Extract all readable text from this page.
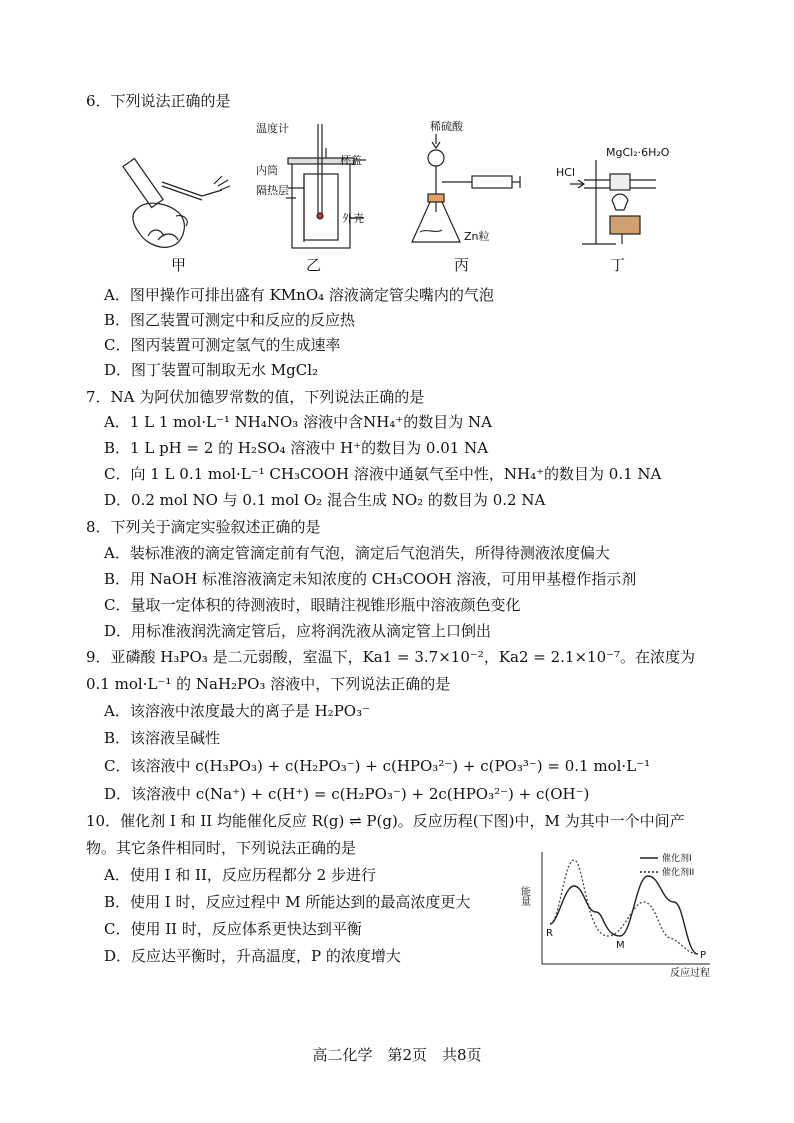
6．下列说法正确的是
甲
温度计
内筒
杯盖
隔热层
外壳
乙
稀硫酸
Zn粒
丙
HCl
MgCl₂·6H₂O
丁
A．图甲操作可排出盛有 KMnO₄ 溶液滴定管尖嘴内的气泡
B．图乙装置可测定中和反应的反应热
C．图丙装置可测定氢气的生成速率
D．图丁装置可制取无水 MgCl₂
7．NA 为阿伏加德罗常数的值，下列说法正确的是
A．1 L 1 mol·L⁻¹ NH₄NO₃ 溶液中含NH₄⁺的数目为 NA
B．1 L pH = 2 的 H₂SO₄ 溶液中 H⁺的数目为 0.01 NA
C．向 1 L 0.1 mol·L⁻¹ CH₃COOH 溶液中通氨气至中性，NH₄⁺的数目为 0.1 NA
D．0.2 mol NO 与 0.1 mol O₂ 混合生成 NO₂ 的数目为 0.2 NA
8．下列关于滴定实验叙述正确的是
A．装标准液的滴定管滴定前有气泡，滴定后气泡消失，所得待测液浓度偏大
B．用 NaOH 标准溶液滴定未知浓度的 CH₃COOH 溶液，可用甲基橙作指示剂
C．量取一定体积的待测液时，眼睛注视锥形瓶中溶液颜色变化
D．用标准液润洗滴定管后，应将润洗液从滴定管上口倒出
9．亚磷酸 H₃PO₃ 是二元弱酸，室温下，Ka1 = 3.7×10⁻²，Ka2 = 2.1×10⁻⁷。在浓度为
0.1 mol·L⁻¹ 的 NaH₂PO₃ 溶液中，下列说法正确的是
A．该溶液中浓度最大的离子是 H₂PO₃⁻
B．该溶液呈碱性
C．该溶液中 c(H₃PO₃) + c(H₂PO₃⁻) + c(HPO₃²⁻) + c(PO₃³⁻) = 0.1 mol·L⁻¹
D．该溶液中 c(Na⁺) + c(H⁺) = c(H₂PO₃⁻) + 2c(HPO₃²⁻) + c(OH⁻)
10．催化剂 I 和 II 均能催化反应 R(g) ⇌ P(g)。反应历程(下图)中，M 为其中一个中间产
物。其它条件相同时，下列说法正确的是
A．使用 I 和 II，反应历程都分 2 步进行
B．使用 I 时，反应过程中 M 所能达到的最高浓度更大
C．使用 II 时，反应体系更快达到平衡
D．反应达平衡时，升高温度，P 的浓度增大
能量
反应过程
催化剂I
催化剂II
R
M
P
高二化学　第2页　共8页
